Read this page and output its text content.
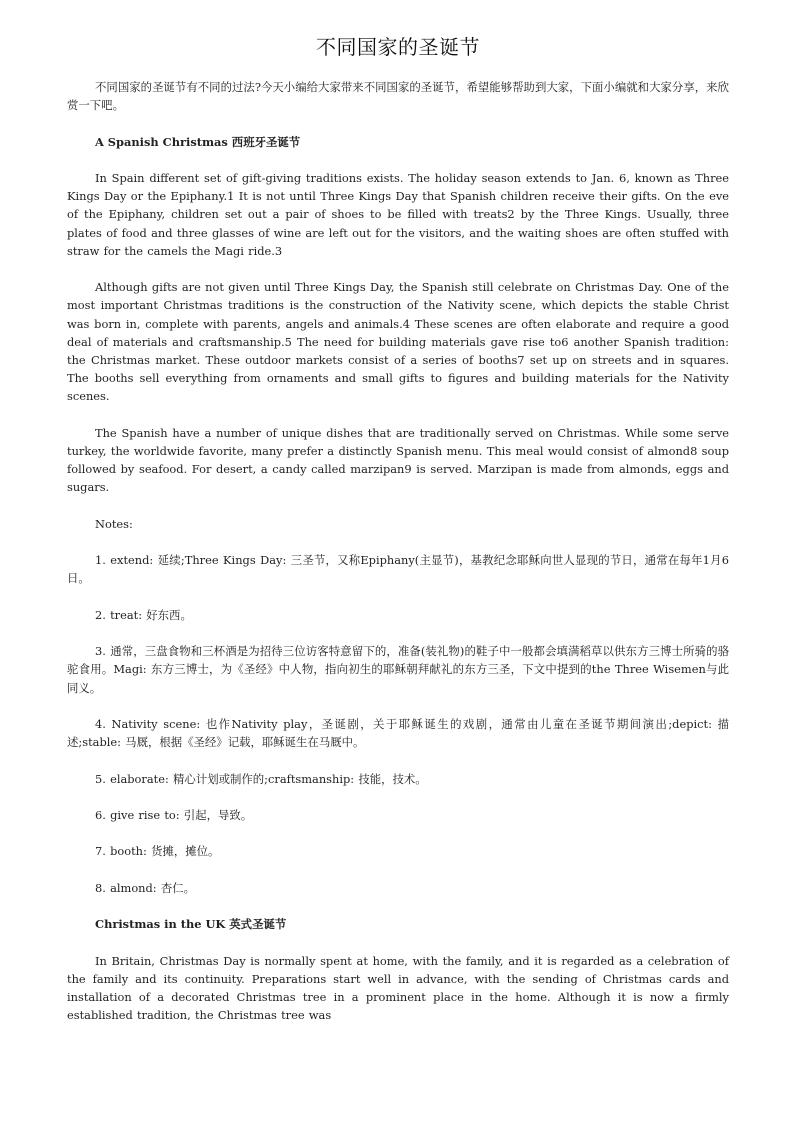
不同国家的圣诞节

不同国家的圣诞节有不同的过法?今天小编给大家带来不同国家的圣诞节，希望能够帮助到大家，下面小编就和大家分享，来欣赏一下吧。

A Spanish Christmas 西班牙圣诞节

In Spain different set of gift-giving traditions exists. The holiday season extends to Jan. 6, known as Three Kings Day or the Epiphany.1 It is not until Three Kings Day that Spanish children receive their gifts. On the eve of the Epiphany, children set out a pair of shoes to be filled with treats2 by the Three Kings. Usually, three plates of food and three glasses of wine are left out for the visitors, and the waiting shoes are often stuffed with straw for the camels the Magi ride.3

Although gifts are not given until Three Kings Day, the Spanish still celebrate on Christmas Day. One of the most important Christmas traditions is the construction of the Nativity scene, which depicts the stable Christ was born in, complete with parents, angels and animals.4 These scenes are often elaborate and require a good deal of materials and craftsmanship.5 The need for building materials gave rise to6 another Spanish tradition: the Christmas market. These outdoor markets consist of a series of booths7 set up on streets and in squares. The booths sell everything from ornaments and small gifts to figures and building materials for the Nativity scenes.

The Spanish have a number of unique dishes that are traditionally served on Christmas. While some serve turkey, the worldwide favorite, many prefer a distinctly Spanish menu. This meal would consist of almond8 soup followed by seafood. For desert, a candy called marzipan9 is served. Marzipan is made from almonds, eggs and sugars.

Notes:

1. extend: 延续;Three Kings Day: 三圣节，又称Epiphany(主显节)，基教纪念耶稣向世人显现的节日，通常在每年1月6日。

2. treat: 好东西。

3. 通常，三盘食物和三杯酒是为招待三位访客特意留下的，准备(装礼物)的鞋子中一般都会填满稻草以供东方三博士所骑的骆驼食用。Magi: 东方三博士，为《圣经》中人物，指向初生的耶稣朝拜献礼的东方三圣，下文中提到的the Three Wisemen与此同义。

4. Nativity scene: 也作Nativity play，圣诞剧，关于耶稣诞生的戏剧，通常由儿童在圣诞节期间演出;depict: 描述;stable: 马厩，根据《圣经》记载，耶稣诞生在马厩中。

5. elaborate: 精心计划或制作的;craftsmanship: 技能，技术。

6. give rise to: 引起，导致。

7. booth: 货摊，摊位。

8. almond: 杏仁。

Christmas in the UK 英式圣诞节

In Britain, Christmas Day is normally spent at home, with the family, and it is regarded as a celebration of the family and its continuity. Preparations start well in advance, with the sending of Christmas cards and installation of a decorated Christmas tree in a prominent place in the home. Although it is now a firmly established tradition, the Christmas tree was
